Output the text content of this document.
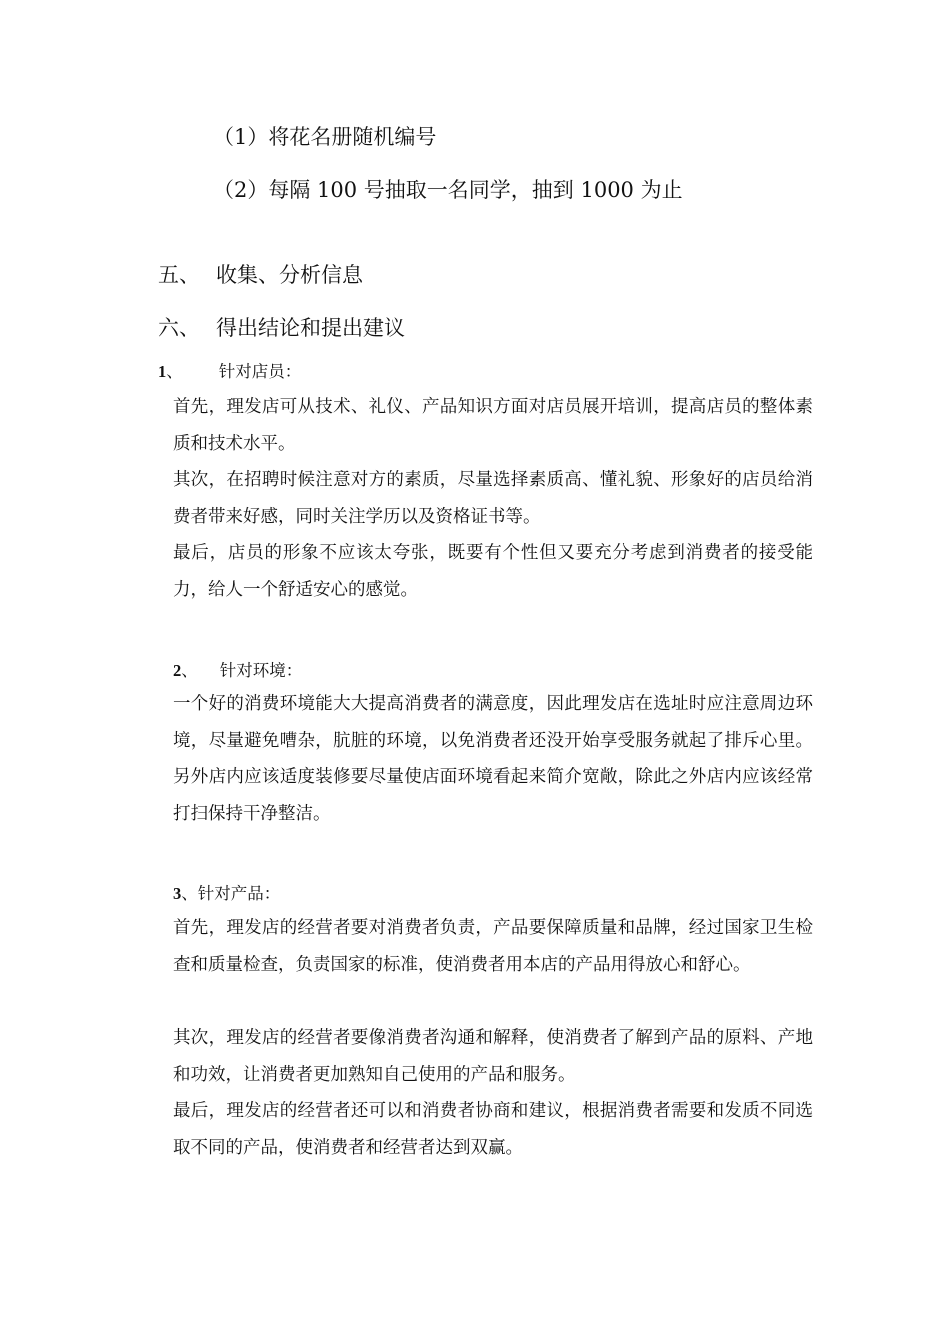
（1）将花名册随机编号
（2）每隔 100 号抽取一名同学，抽到 1000 为止
五、 收集、分析信息
六、 得出结论和提出建议
1、 针对店员：
首先，理发店可从技术、礼仪、产品知识方面对店员展开培训，提高店员的整体素质和技术水平。
其次，在招聘时候注意对方的素质，尽量选择素质高、懂礼貌、形象好的店员给消费者带来好感，同时关注学历以及资格证书等。
最后，店员的形象不应该太夸张，既要有个性但又要充分考虑到消费者的接受能力，给人一个舒适安心的感觉。
2、 针对环境：
一个好的消费环境能大大提高消费者的满意度，因此理发店在选址时应注意周边环境，尽量避免嘈杂，肮脏的环境，以免消费者还没开始享受服务就起了排斥心里。另外店内应该适度装修要尽量使店面环境看起来简介宽敞，除此之外店内应该经常打扫保持干净整洁。
3、针对产品：
首先，理发店的经营者要对消费者负责，产品要保障质量和品牌，经过国家卫生检查和质量检查，负责国家的标准，使消费者用本店的产品用得放心和舒心。
其次，理发店的经营者要像消费者沟通和解释，使消费者了解到产品的原料、产地和功效，让消费者更加熟知自己使用的产品和服务。
最后，理发店的经营者还可以和消费者协商和建议，根据消费者需要和发质不同选取不同的产品，使消费者和经营者达到双赢。
